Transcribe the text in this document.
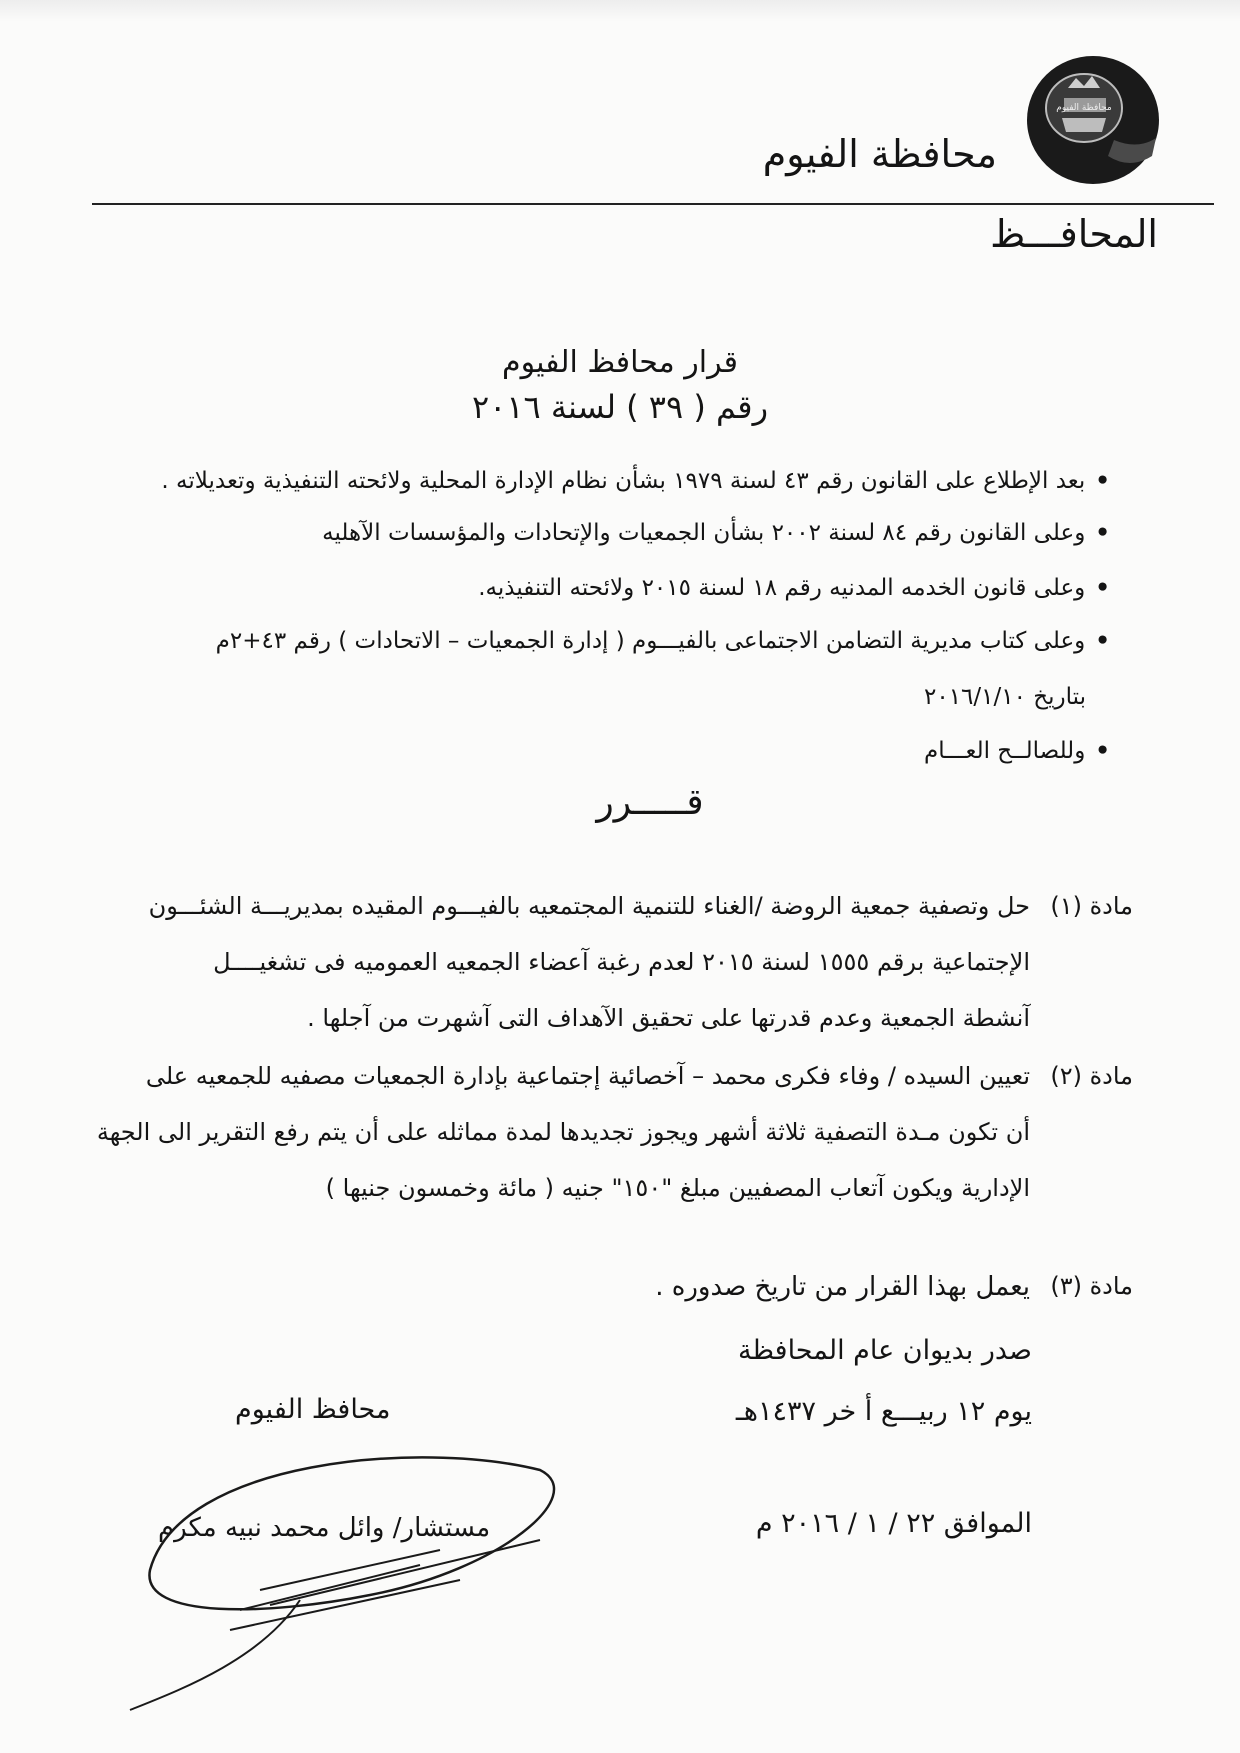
محافظة الفيوم
محافظة الفيوم
المحافـــظ
قرار محافظ الفيوم
رقم ( ٣٩ ) لسنة ٢٠١٦
•بعد الإطلاع على القانون رقم ٤٣ لسنة ١٩٧٩ بشأن نظام الإدارة المحلية ولائحته التنفيذية وتعديلاته .
•وعلى القانون رقم ٨٤ لسنة ٢٠٠٢ بشأن الجمعيات والإتحادات والمؤسسات الآهليه
•وعلى قانون الخدمه المدنيه رقم ١٨ لسنة ٢٠١٥ ولائحته التنفيذيه.
•وعلى كتاب مديرية التضامن الاجتماعى بالفيـــوم ( إدارة الجمعيات – الاتحادات ) رقم ٤٣+٢م
بتاريخ ٢٠١٦/١/١٠
•وللصالــح العـــام
قـــــرر
مادة (١)
حل وتصفية جمعية الروضة /الغناء للتنمية المجتمعيه بالفيـــوم المقيده بمديريـــة الشئـــون
الإجتماعية برقم ١٥٥٥ لسنة ٢٠١٥ لعدم رغبة آعضاء الجمعيه العموميه فى تشغيــــل
آنشطة الجمعية وعدم قدرتها على تحقيق الآهداف التى آشهرت من آجلها .
مادة (٢)
تعيين السيده / وفاء فكرى محمد – آخصائية إجتماعية بإدارة الجمعيات مصفيه للجمعيه على
أن تكون مـدة التصفية ثلاثة أشهر ويجوز تجديدها لمدة مماثله على أن يتم رفع التقرير الى الجهة
الإدارية ويكون آتعاب المصفيين مبلغ "١٥٠" جنيه ( مائة وخمسون جنيها )
مادة (٣)
يعمل بهذا القرار من تاريخ صدوره .
صدر بديوان عام المحافظة
يوم ١٢ ربيـــع أ خر ١٤٣٧هـ
الموافق ٢٢ / ١ / ٢٠١٦ م
محافظ الفيوم
مستشار/ وائل محمد نبيه مكرم
